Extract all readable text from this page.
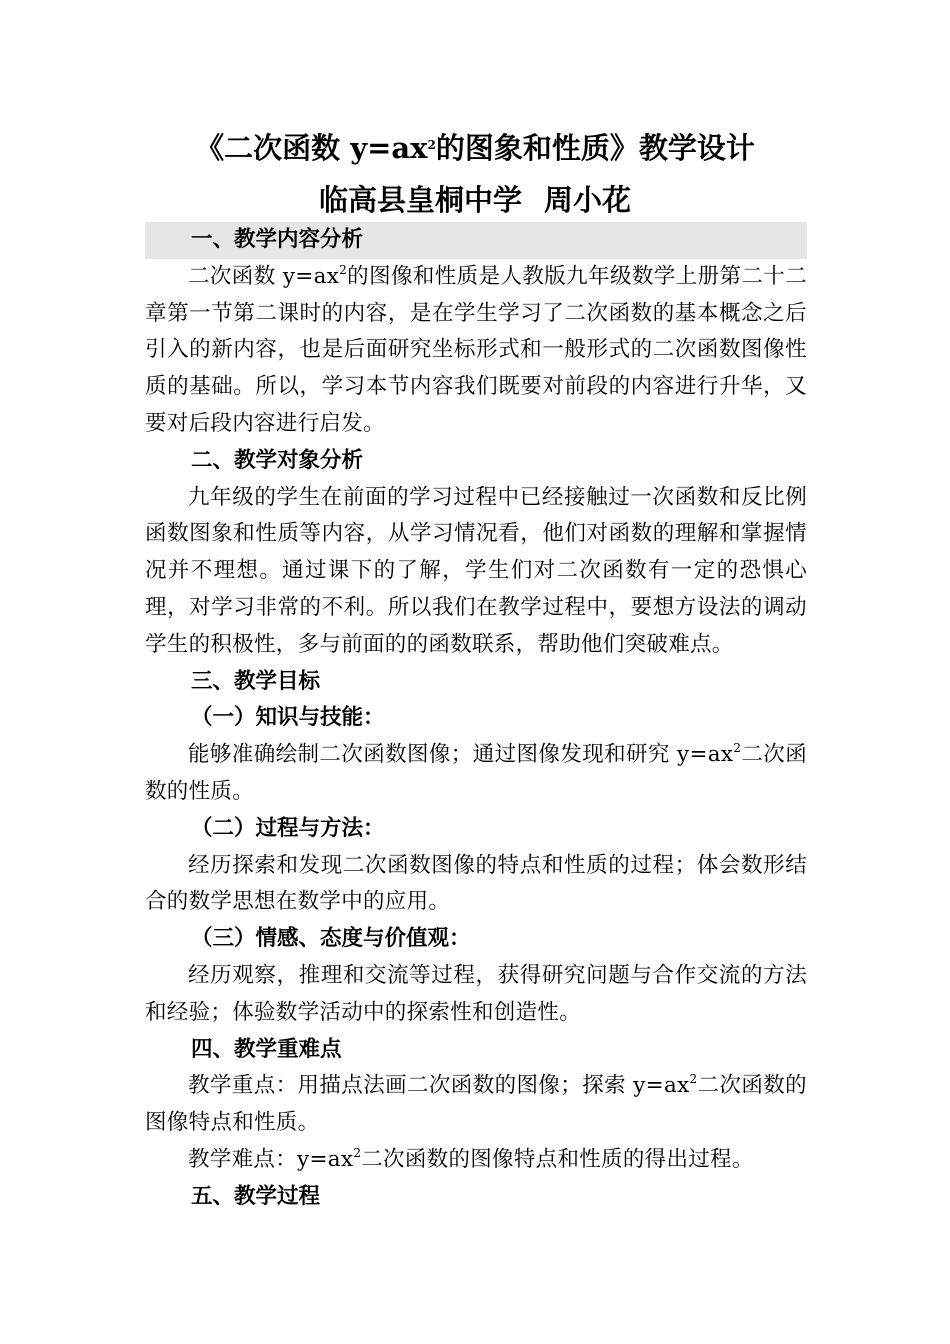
《二次函数 $y=ax^2$的图象和性质》教学设计
临高县皇桐中学 周小花

一、教学内容分析

二次函数 $y=ax^2$的图像和性质是人教版九年级数学上册第二十二章第一节第二课时的内容，是在学生学习了二次函数的基本概念之后引入的新内容，也是后面研究坐标形式和一般形式的二次函数图像性质的基础。所以，学习本节内容我们既要对前段的内容进行升华，又要对后段内容进行启发。

二、教学对象分析

九年级的学生在前面的学习过程中已经接触过一次函数和反比例函数图象和性质等内容，从学习情况看，他们对函数的理解和掌握情况并不理想。通过课下的了解，学生们对二次函数有一定的恐惧心理，对学习非常的不利。所以我们在教学过程中，要想方设法的调动学生的积极性，多与前面的的函数联系，帮助他们突破难点。

三、教学目标

（一）知识与技能：

能够准确绘制二次函数图像；通过图像发现和研究 $y=ax^2$二次函数的性质。

（二）过程与方法：

经历探索和发现二次函数图像的特点和性质的过程；体会数形结合的数学思想在数学中的应用。

（三）情感、态度与价值观：

经历观察，推理和交流等过程，获得研究问题与合作交流的方法和经验；体验数学活动中的探索性和创造性。

四、教学重难点

教学重点：用描点法画二次函数的图像；探索 $y=ax^2$二次函数的图像特点和性质。

教学难点：$y=ax^2$二次函数的图像特点和性质的得出过程。

五、教学过程
